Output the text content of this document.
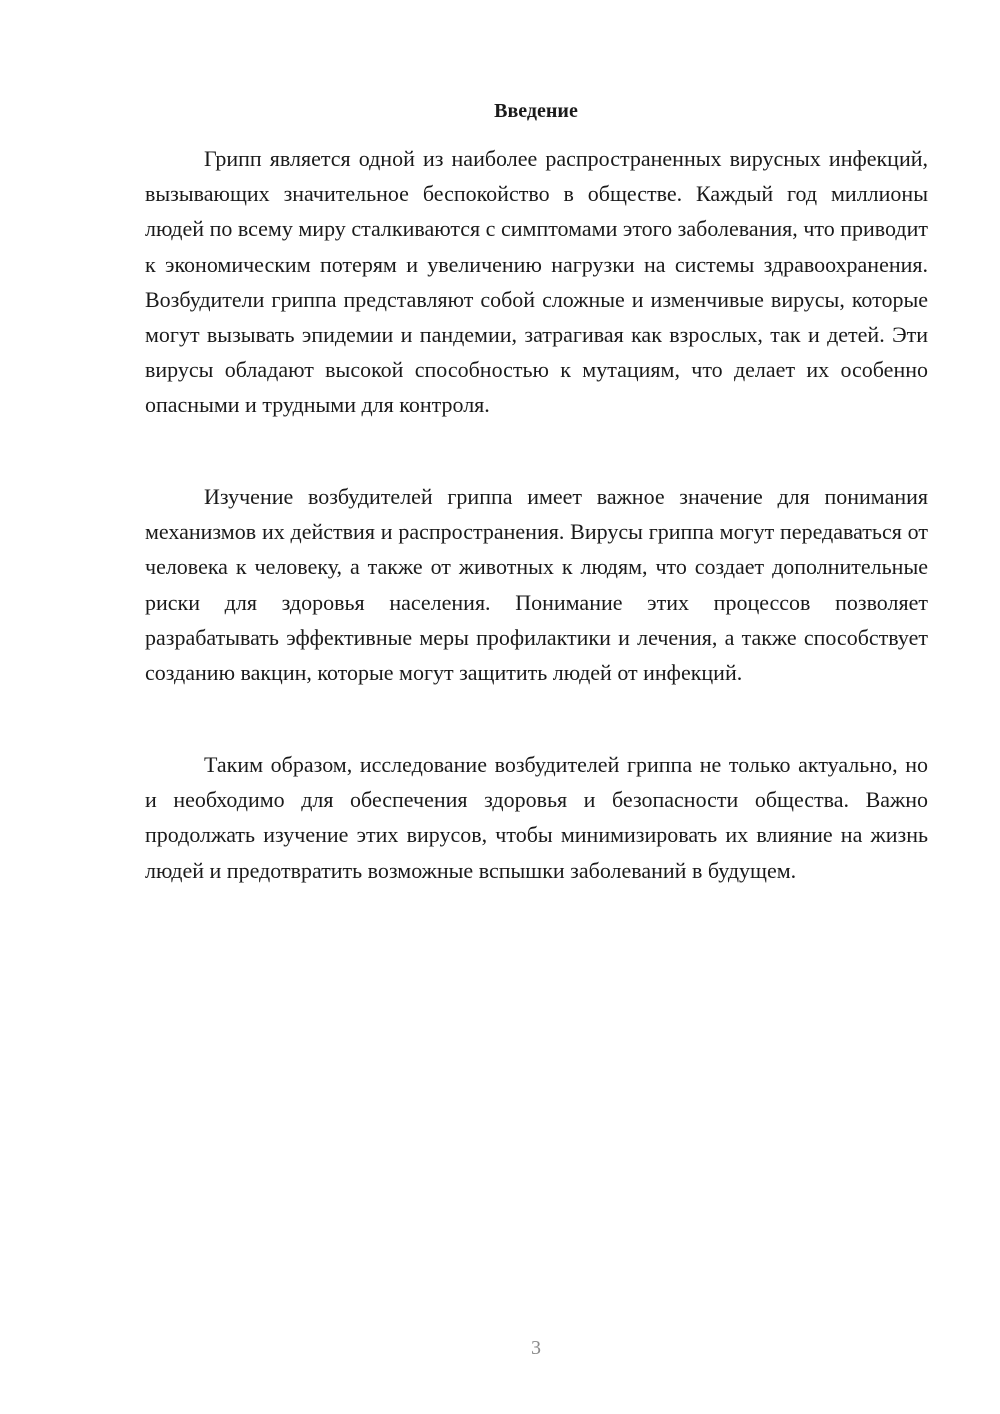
Введение

Грипп является одной из наиболее распространенных вирусных инфекций, вызывающих значительное беспокойство в обществе. Каждый год миллионы людей по всему миру сталкиваются с симптомами этого заболевания, что приводит к экономическим потерям и увеличению нагрузки на системы здравоохранения. Возбудители гриппа представляют собой сложные и изменчивые вирусы, которые могут вызывать эпидемии и пандемии, затрагивая как взрослых, так и детей. Эти вирусы обладают высокой способностью к мутациям, что делает их особенно опасными и трудными для контроля.

Изучение возбудителей гриппа имеет важное значение для понимания механизмов их действия и распространения. Вирусы гриппа могут передаваться от человека к человеку, а также от животных к людям, что создает дополнительные риски для здоровья населения. Понимание этих процессов позволяет разрабатывать эффективные меры профилактики и лечения, а также способствует созданию вакцин, которые могут защитить людей от инфекций.

Таким образом, исследование возбудителей гриппа не только актуально, но и необходимо для обеспечения здоровья и безопасности общества. Важно продолжать изучение этих вирусов, чтобы минимизировать их влияние на жизнь людей и предотвратить возможные вспышки заболеваний в будущем.

3
